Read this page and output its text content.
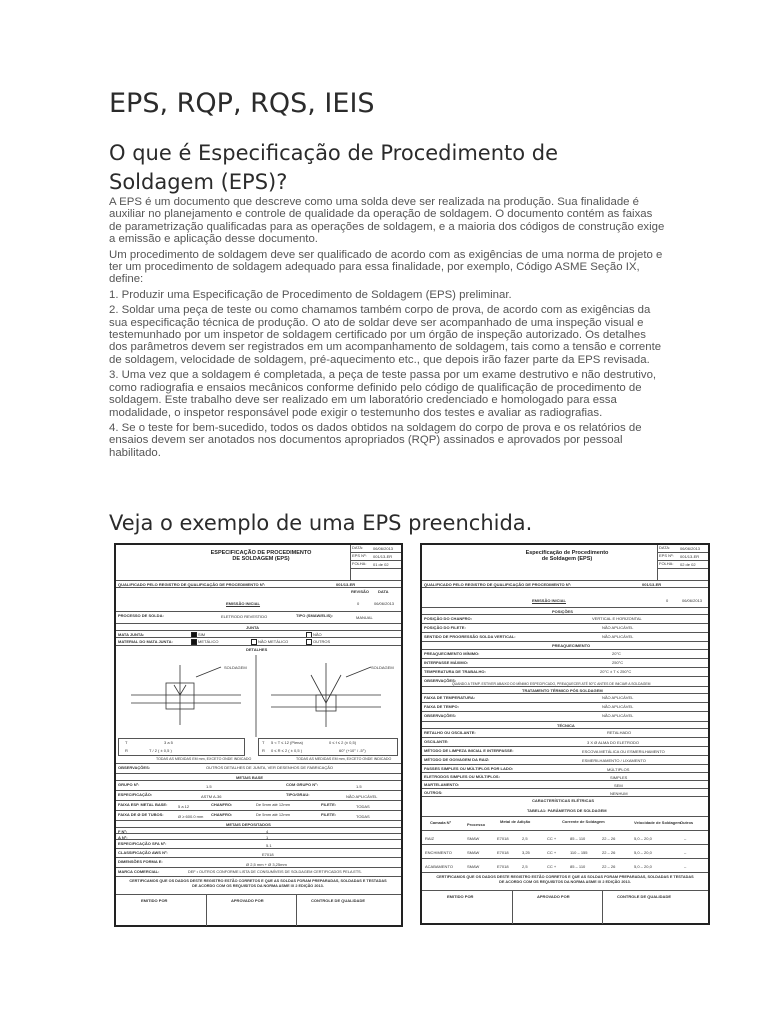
EPS, RQP, RQS, IEIS
O que é Especificação de Procedimento de Soldagem (EPS)?

A EPS é um documento que descreve como uma solda deve ser realizada na produção. Sua finalidade é auxiliar no planejamento e controle de qualidade da operação de soldagem. O documento contém as faixas de parametrização qualificadas para as operações de soldagem, e a maioria dos códigos de construção exige a emissão e aplicação desse documento.

Um procedimento de soldagem deve ser qualificado de acordo com as exigências de uma norma de projeto e ter um procedimento de soldagem adequado para essa finalidade, por exemplo, Código ASME Seção IX, define:

1. Produzir uma Especificação de Procedimento de Soldagem (EPS) preliminar.

2. Soldar uma peça de teste ou como chamamos também corpo de prova, de acordo com as exigências da sua especificação técnica de produção. O ato de soldar deve ser acompanhado de uma inspeção visual e testemunhado por um inspetor de soldagem certificado por um órgão de inspeção autorizado. Os detalhes dos parâmetros devem ser registrados em um acompanhamento de soldagem, tais como a tensão e corrente de soldagem, velocidade de soldagem, pré-aquecimento etc., que depois irão fazer parte da EPS revisada.

3. Uma vez que a soldagem é completada, a peça de teste passa por um exame destrutivo e não destrutivo, como radiografia e ensaios mecânicos conforme definido pelo código de qualificação de procedimento de soldagem. Este trabalho deve ser realizado em um laboratório credenciado e homologado para essa modalidade, o inspetor responsável pode exigir o testemunho dos testes e avaliar as radiografias.

4. Se o teste for bem-sucedido, todos os dados obtidos na soldagem do corpo de prova e os relatórios de ensaios devem ser anotados nos documentos apropriados (RQP) assinados e aprovados por pessoal habilitado.

Veja o exemplo de uma EPS preenchida.
ESPECIFICAÇÃO DE PROCEDIMENTO
DE SOLDAGEM (EPS)
DATA: 06/06/2013
EPS Nº: 001/13-ER
FOLHA: 01 de 02
QUALIFICADO PELO REGISTRO DE QUALIFICAÇÃO DE PROCEDIMENTO Nº:	001/13-ER
REVISÃO DATA
EMISSÃO INICIAL	0	06/06/2013
PROCESSO DE SOLDA:	ELETRODO REVESTIDO	TIPO (SMAW/ELIS):	MANUAL
JUNTA
MATA JUNTA:	SIM	NÃO
MATERIAL DO MATA JUNTA:	METÁLICO	NÃO METÁLICO	OUTROS
DETALHES
SOLDAGEM	SOLDAGEM
T	3 a 5
R	T / 2 ( ± 0,5 )
T 5 < T ≤ 12 (Plena)
R 0 ≤ R ≤ 2 ( ± 0,5 )
0 ≤ f ≤ 2 (± 0,5)
60° (+10° / -5°)
TODAS AS MEDIDAS EM mm, EXCETO ONDE INDICADO	TODAS AS MEDIDAS EM mm, EXCETO ONDE INDICADO
OBSERVAÇÕES:	OUTROS DETALHES DE JUNTA, VER DESENHOS DE FABRICAÇÃO
METAIS BASE
GRUPO Nº:	1.5	COM GRUPO Nº:	1.5
ESPECIFICAÇÃO:	ASTM A-36	TIPO/GRAU:	NÃO APLICÁVEL
FAIXA ESP. METAL BASE:	5 a 12	CHANFRO:	De 5mm até 12mm	FILETE:	TODAS
FAIXA DE Ø DE TUBOS:	Ø ≥ 600.0 mm CHANFRO:	De 5mm até 12mm	FILETE:	TODAS
METAIS DEPOSITADOS
F Nº:	4
A Nº:	1
ESPECIFICAÇÃO SFA Nº:	5.1
CLASSIFICAÇÃO AWS Nº:	E7018
DIMENSÕES FORMA E:
Ø 2,5 mm + Ø 3,25mm
MARCA COMERCIAL:	DEF • OUTROS CONFORME LISTA DE CONSUMÍVEIS DE SOLDAGEM CERTIFICADOS PELA ETS.
CERTIFICAMOS QUE OS DADOS DESTE REGISTRO ESTÃO CORRETOS E QUE AS SOLDAS FORAM PREPARADAS, SOLDADAS E TESTADAS DE ACORDO COM OS REQUISITOS DA NORMA ASME IX 2 EDIÇÃO 2013.
EMITIDO POR	APROVADO POR	CONTROLE DE QUALIDADE
Especificação de Procedimento
de Soldagem (EPS)
DATA: 06/06/2013
EPS Nº: 001/13-ER
FOLHA: 02 de 02
QUALIFICADO PELO REGISTRO DE QUALIFICAÇÃO DE PROCEDIMENTO Nº:	001/13-ER
EMISSÃO INICIAL	0	06/06/2013
POSIÇÕES
POSIÇÃO DO CHANFRO:	VERTICAL E HORIZONTAL
POSIÇÃO DO FILETE:	NÃO APLICÁVEL
SENTIDO DE PROGRESSÃO SOLDA VERTICAL:	NÃO APLICÁVEL
PREAQUECIMENTO
PREAQUECIMENTO MÍNIMO:	20°C
INTERPASSE MÁXIMO:	250°C
TEMPERATURA DE TRABALHO:	20°C ± T ≤ 250°C
OBSERVAÇÕES:
QUANDO A TEMP. ESTIVER ABAIXO DO MÍNIMO ESPECIFICADO, PREAQUECER ATÉ 50°C ANTES DE INICIAR A SOLDAGEM
TRATAMENTO TÉRMICO PÓS SOLDAGEM
FAIXA DE TEMPERATURA:	NÃO APLICÁVEL
FAIXA DE TEMPO:	NÃO APLICÁVEL
OBSERVAÇÕES:	NÃO APLICÁVEL
TÉCNICA
RETALHO OU OSCILANTE:	RETALHADO
OSCILANTE:	3 X Ø ALMA DO ELETRODO
MÉTODO DE LIMPEZA INICIAL E INTERPASSE:	ESCOVA METÁLICA OU ESMERILHAMENTO
MÉTODO DE GOIVAGEM DA RAIZ:	ESMERILHAMENTO / LIXAMENTO
PASSES SIMPLES OU MÚLTIPLOS POR LADO:	MÚLTIPLOS
ELETRODOS SIMPLES OU MÚLTIPLOS:	SIMPLES
MARTELAMENTO:	SEM
OUTROS:	NENHUM
CARACTERÍSTICAS ELÉTRICAS
TABELA1: PARÂMETROS DE SOLDAGEM
Camada Nº	Processo
Metal de Adição	Corrente de Soldagem	Velocidade de Soldagem Outros
RAIZ	SMAW	E7018	2,5	CC +	85 – 110	22 – 26	5,0 – 20,0	–
ENCHIMENTO	SMAW	E7018	3,25	CC +	110 – 155	22 – 26	5,0 – 20,0	–
ACABAMENTO	SMAW	E7018	2,5	CC +	85 – 110	22 – 26	5,0 – 20,0	–
CERTIFICAMOS QUE OS DADOS DESTE REGISTRO ESTÃO CORRETOS E QUE AS SOLDAS FORAM PREPARADAS, SOLDADAS E TESTADAS DE ACORDO COM OS REQUISITOS DA NORMA ASME IX 2 EDIÇÃO 2013.
EMITIDO POR	APROVADO POR	CONTROLE DE QUALIDADE
